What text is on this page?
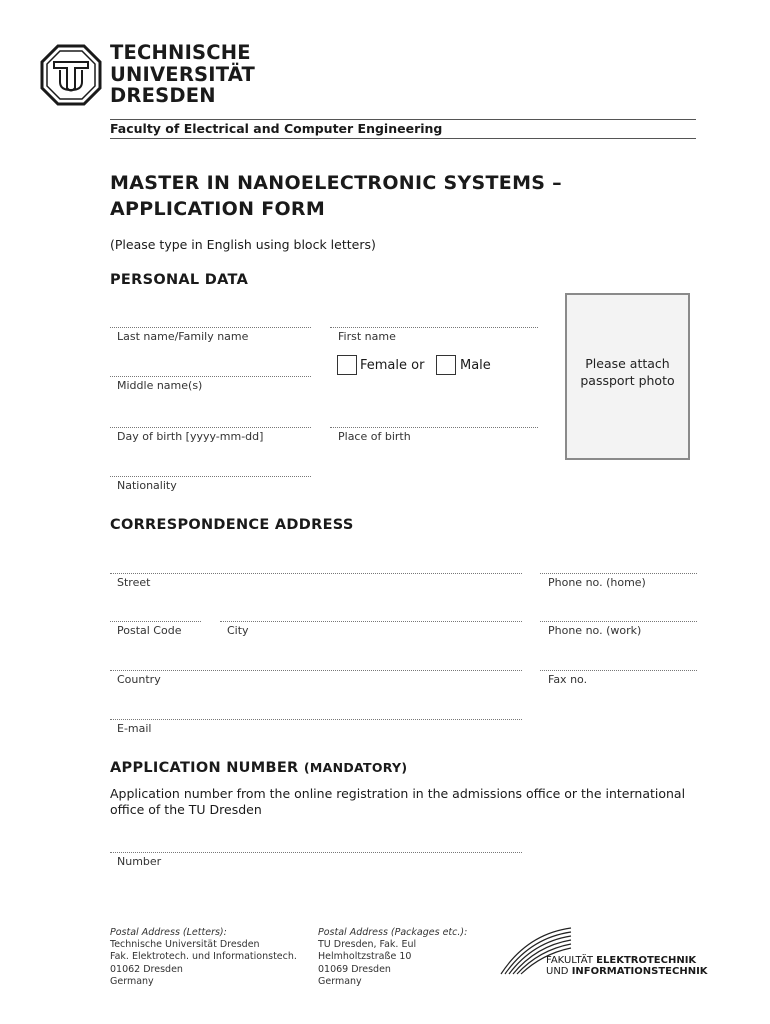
TECHNISCHE
UNIVERSITÄT
DRESDEN
Faculty of Electrical and Computer Engineering
MASTER IN NANOELECTRONIC SYSTEMS –
APPLICATION FORM
(Please type in English using block letters)
PERSONAL DATA
Last name/Family name	First name
Female or	Male
Middle name(s)
Day of birth [yyyy-mm-dd]	Place of birth
Nationality
Please attach
passport photo
CORRESPONDENCE ADDRESS
Street	Phone no. (home)
Postal Code	City	Phone no. (work)
Country	Fax no.
E-mail
APPLICATION NUMBER (MANDATORY)
Application number from the online registration in the admissions office or the international
office of the TU Dresden
Number
Postal Address (Letters):
Technische Universität Dresden
Fak. Elektrotech. und Informationstech.
01062 Dresden
Germany
Postal Address (Packages etc.):
TU Dresden, Fak. Eul
Helmholtzstraße 10
01069 Dresden
Germany
FAKULTÄT ELEKTROTECHNIK
UND INFORMATIONSTECHNIK
